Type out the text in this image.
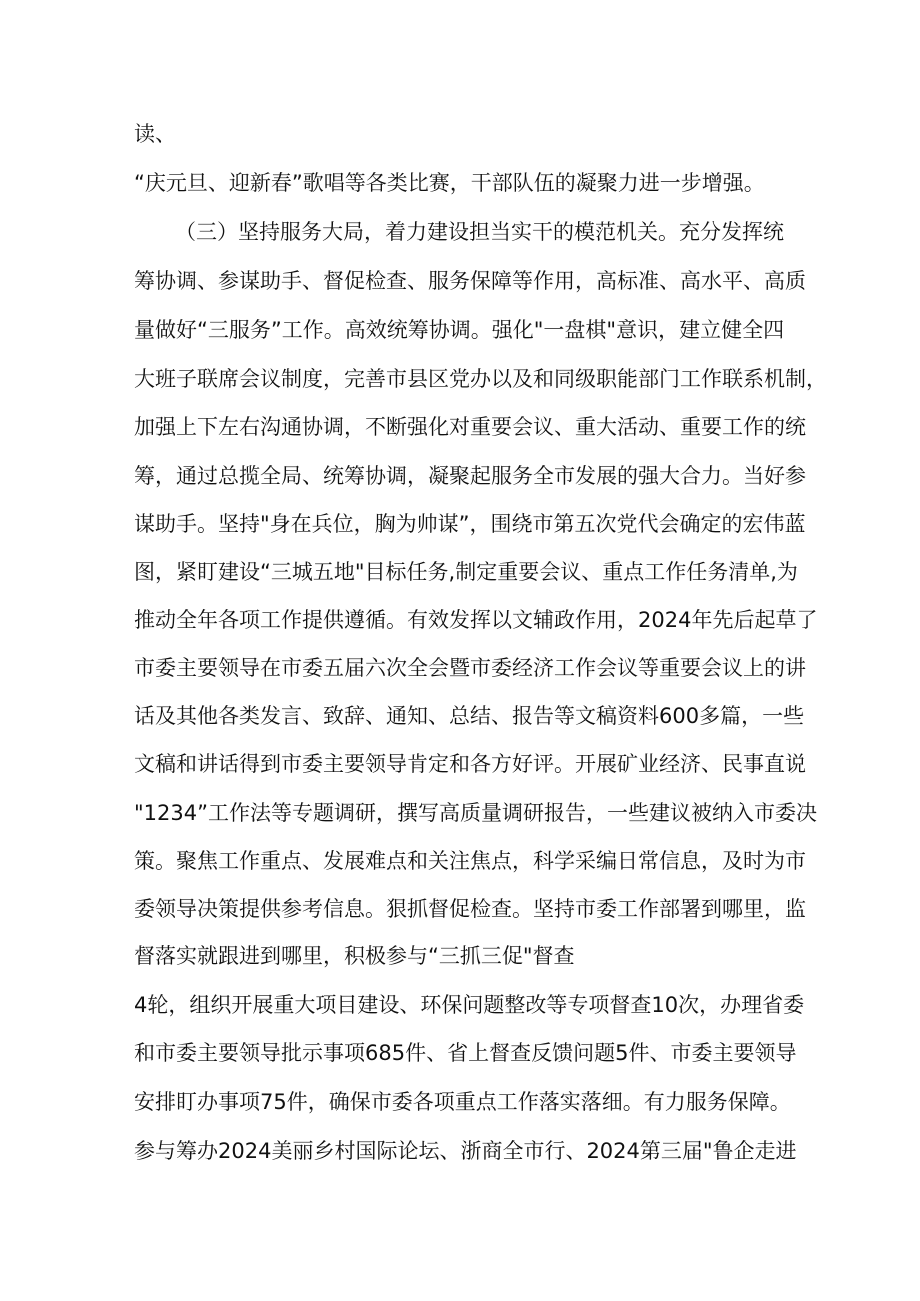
读、
“庆元旦、迎新春”歌唱等各类比赛，干部队伍的凝聚力进一步增强。
（三）坚持服务大局，着力建设担当实干的模范机关。充分发挥统
筹协调、参谋助手、督促检查、服务保障等作用，高标准、高水平、高质
量做好“三服务”工作。高效统筹协调。强化"一盘棋"意识，建立健全四
大班子联席会议制度，完善市县区党办以及和同级职能部门工作联系机制，
加强上下左右沟通协调，不断强化对重要会议、重大活动、重要工作的统
筹，通过总揽全局、统筹协调，凝聚起服务全市发展的强大合力。当好参
谋助手。坚持"身在兵位，胸为帅谋”，围绕市第五次党代会确定的宏伟蓝
图，紧盯建设“三城五地"目标任务,制定重要会议、重点工作任务清单,为
推动全年各项工作提供遵循。有效发挥以文辅政作用，2024年先后起草了
市委主要领导在市委五届六次全会暨市委经济工作会议等重要会议上的讲
话及其他各类发言、致辞、通知、总结、报告等文稿资料600多篇，一些
文稿和讲话得到市委主要领导肯定和各方好评。开展矿业经济、民事直说
"1234”工作法等专题调研，撰写高质量调研报告，一些建议被纳入市委决
策。聚焦工作重点、发展难点和关注焦点，科学采编日常信息，及时为市
委领导决策提供参考信息。狠抓督促检查。坚持市委工作部署到哪里，监
督落实就跟进到哪里，积极参与“三抓三促"督查
4轮，组织开展重大项目建设、环保问题整改等专项督查10次，办理省委
和市委主要领导批示事项685件、省上督查反馈问题5件、市委主要领导
安排盯办事项75件，确保市委各项重点工作落实落细。有力服务保障。
参与筹办2024美丽乡村国际论坛、浙商全市行、2024第三届"鲁企走进
